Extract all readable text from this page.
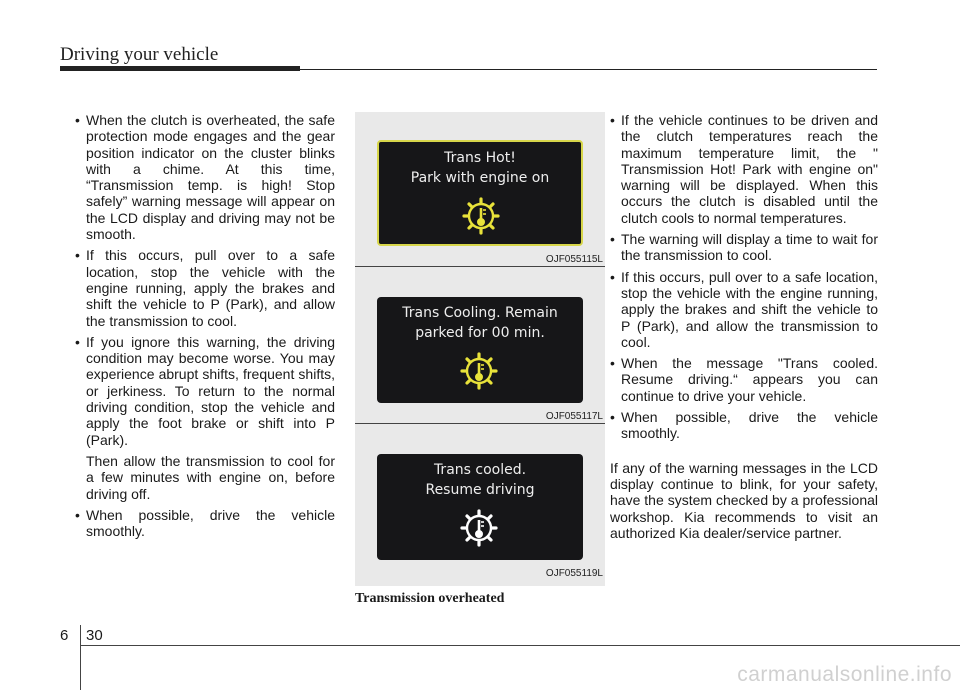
Driving your vehicle
• When the clutch is overheated, the safe protection mode engages and the gear position indicator on the cluster blinks with a chime. At this time, “Transmission temp. is high! Stop safely” warning message will appear on the LCD display and driving may not be smooth.
• If this occurs, pull over to a safe location, stop the vehicle with the engine running, apply the brakes and shift the vehicle to P (Park), and allow the transmission to cool.
• If you ignore this warning, the driving condition may become worse. You may experience abrupt shifts, frequent shifts, or jerkiness. To return to the normal driving condition, stop the vehicle and apply the foot brake or shift into P (Park).
Then allow the transmission to cool for a few minutes with engine on, before driving off.
• When possible, drive the vehicle smoothly.
Trans Hot!
Park with engine on
OJF055115L
Trans Cooling. Remain
parked for 00 min.
OJF055117L
Trans cooled.
Resume driving
OJF055119L
Transmission overheated
• If the vehicle continues to be driven and the clutch temperatures reach the maximum temperature limit, the " Transmission Hot! Park with engine on" warning will be displayed. When this occurs the clutch is disabled until the clutch cools to normal temperatures.
• The warning will display a time to wait for the transmission to cool.
• If this occurs, pull over to a safe location, stop the vehicle with the engine running, apply the brakes and shift the vehicle to P (Park), and allow the transmission to cool.
• When the message "Trans cooled. Resume driving.“ appears you can continue to drive your vehicle.
• When possible, drive the vehicle smoothly.
If any of the warning messages in the LCD display continue to blink, for your safety, have the system checked by a professional workshop. Kia recommends to visit an authorized Kia dealer/service partner.
6 30
carmanualsonline.info
